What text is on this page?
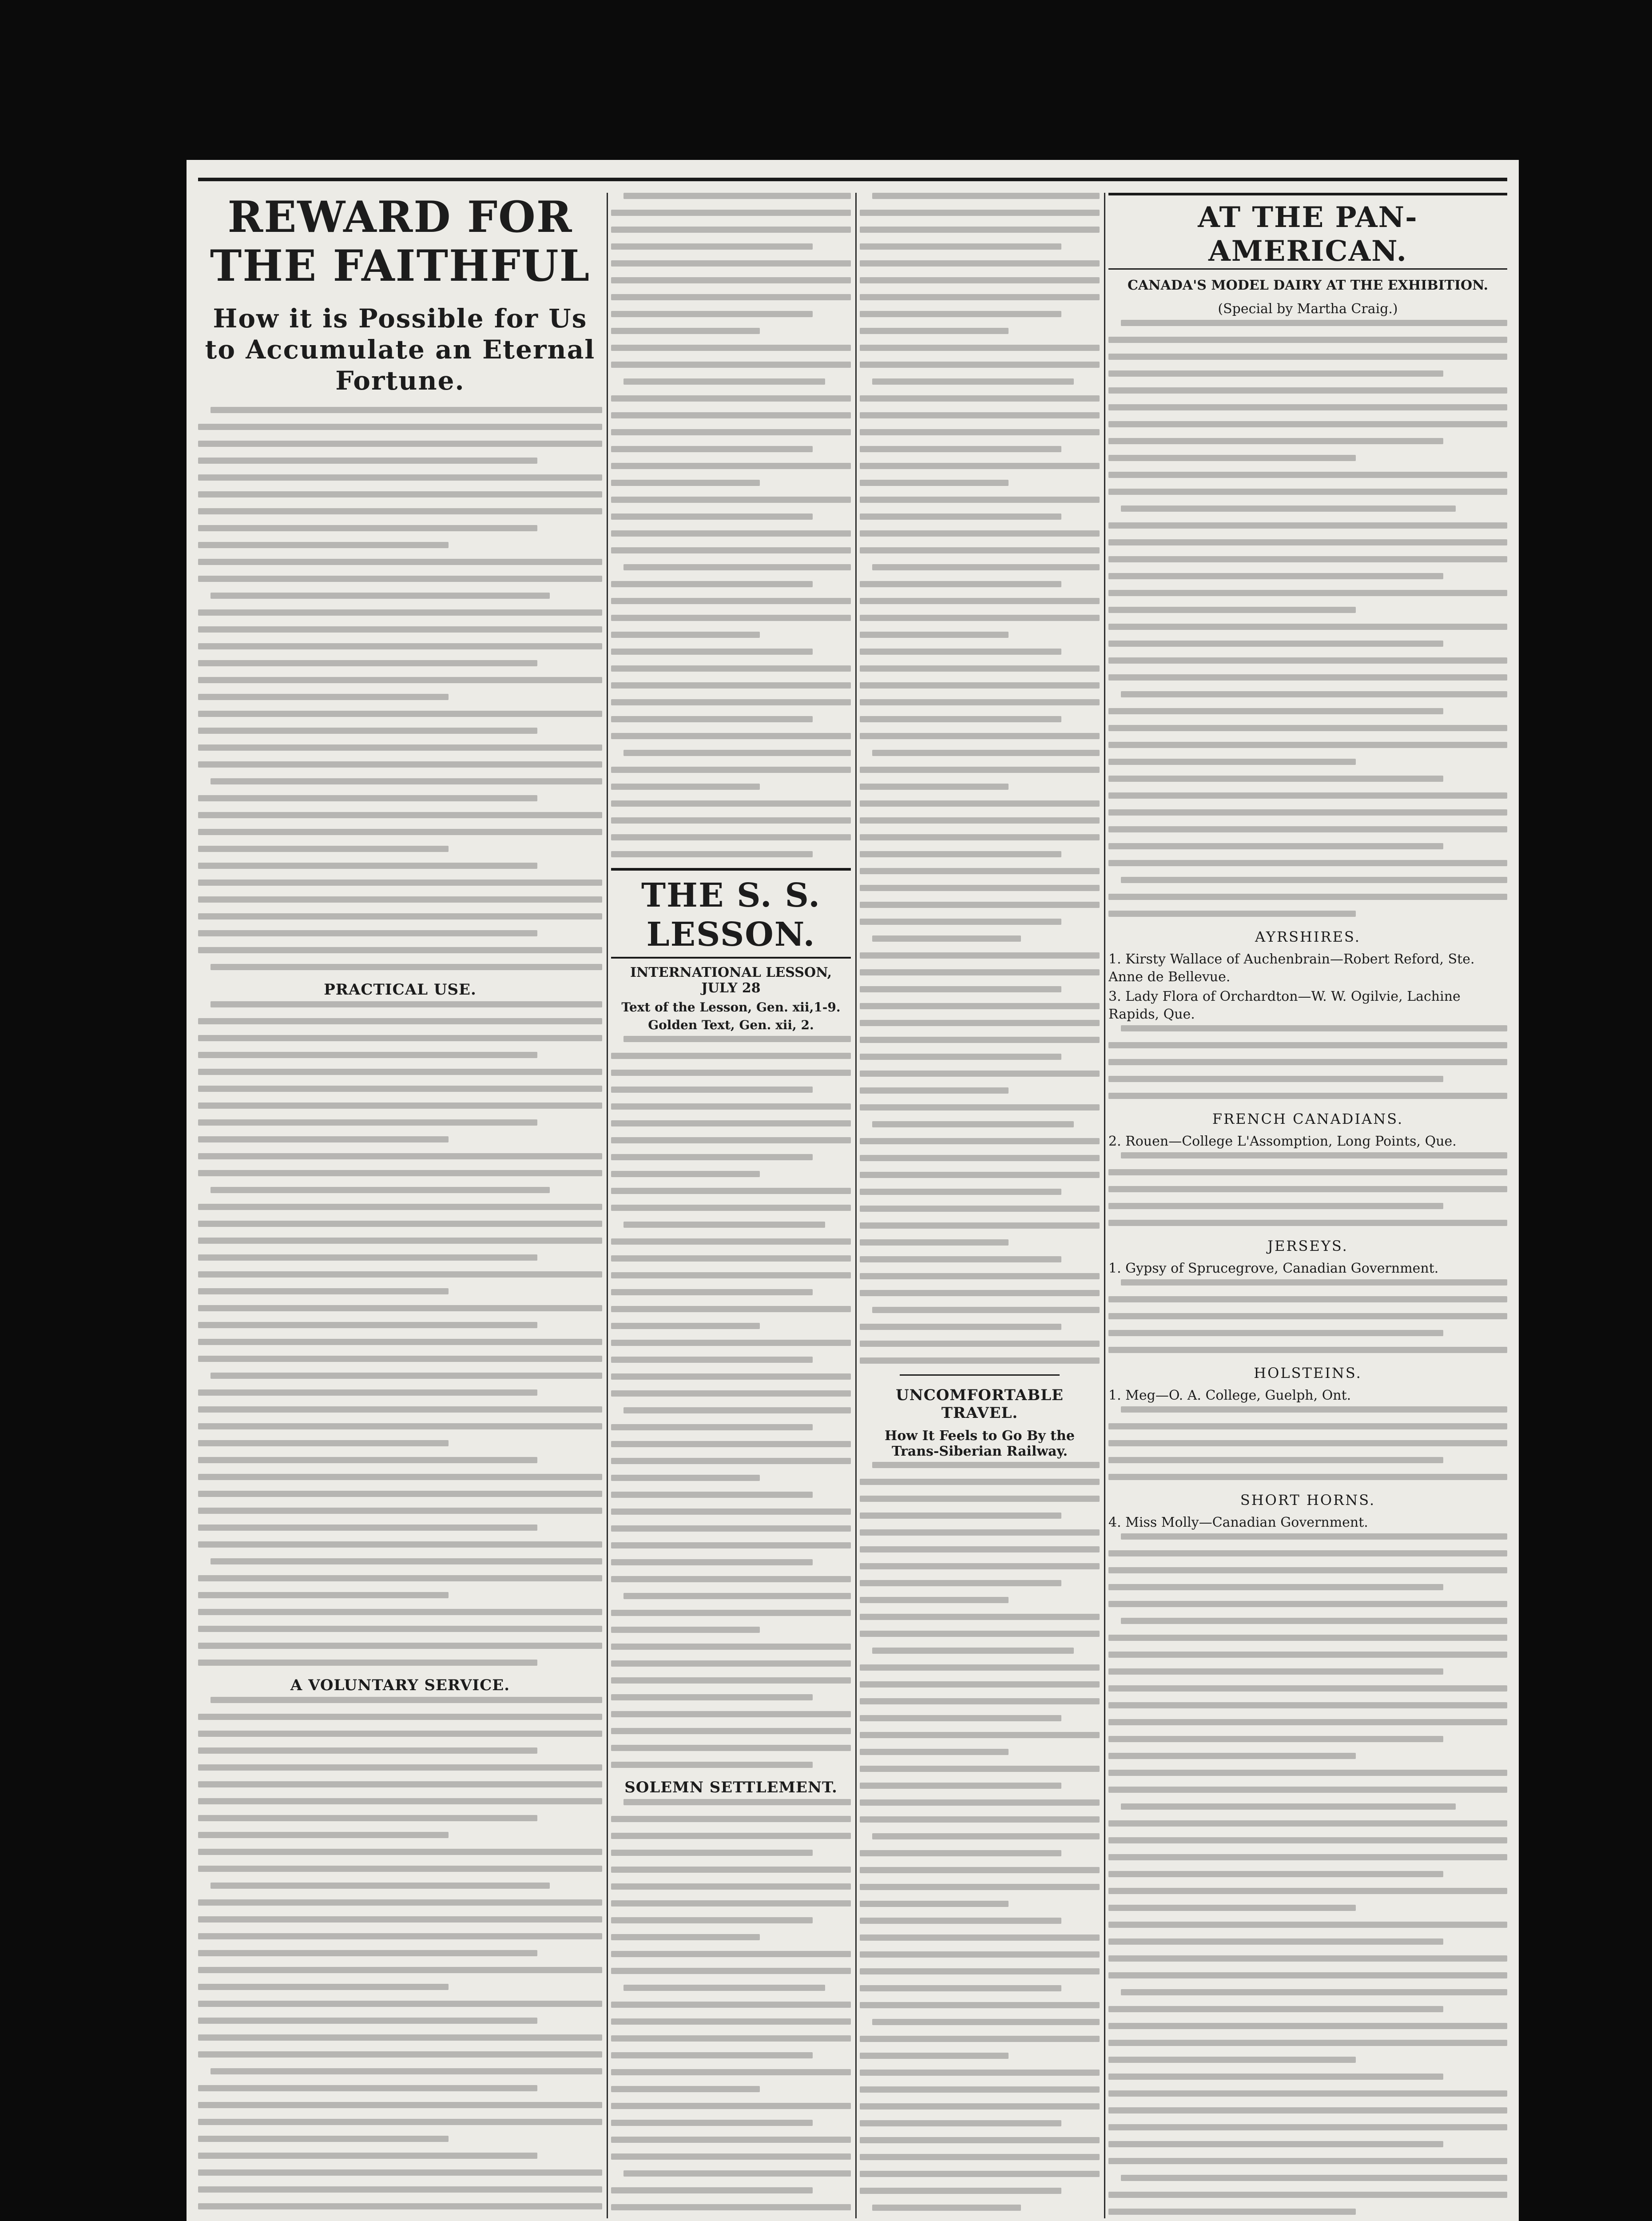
REWARD FOR THE FAITHFUL
How it is Possible for Us to Accumulate an Eternal Fortune.
PRACTICAL USE.
A VOLUNTARY SERVICE.
THE S. S. LESSON.
INTERNATIONAL LESSON, JULY 28
Text of the Lesson, Gen. xii,1-9. Golden Text, Gen. xii, 2.
SOLEMN SETTLEMENT.
UNCOMFORTABLE TRAVEL.
How It Feels to Go By the Trans-Siberian Railway.
AT THE PAN-AMERICAN.
CANADA'S MODEL DAIRY AT THE EXHIBITION.
(Special by Martha Craig.)
AYRSHIRES.
1. Kirsty Wallace of Auchenbrain—Robert Reford, Ste. Anne de Bellevue.
3. Lady Flora of Orchardton—W. W. Ogilvie, Lachine Rapids, Que.
FRENCH CANADIANS.
2. Rouen—College L'Assomption, Long Points, Que.
JERSEYS.
1. Gypsy of Sprucegrove, Canadian Government.
HOLSTEINS.
1. Meg—O. A. College, Guelph, Ont.
SHORT HORNS.
4. Miss Molly—Canadian Government.
